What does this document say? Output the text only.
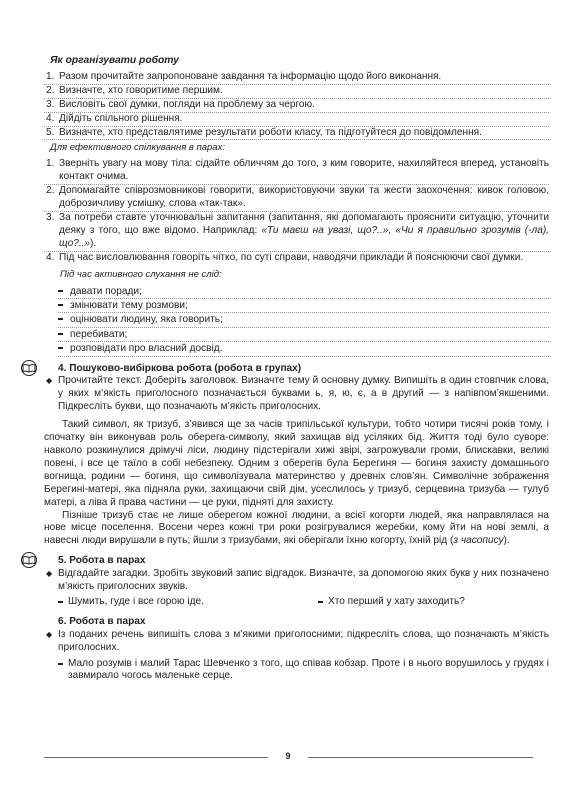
Як організувати роботу
1. Разом прочитайте запропоноване завдання та інформацію щодо його виконання.
2. Визначте, хто говоритиме першим.
3. Висловіть свої думки, погляди на проблему за чергою.
4. Дійдіть спільного рішення.
5. Визначте, хто представлятиме результати роботи класу, та підготуйтеся до повідомлення.
Для ефективного спілкування в парах:
1. Зверніть увагу на мову тіла: сідайте обличчям до того, з ким говорите, нахиляйтеся вперед, установіть контакт очима.
2. Допомагайте співрозмовникові говорити, використовуючи звуки та жести заохочення: кивок головою, доброзичливу усмішку, слова «так-так».
3. За потреби ставте уточнювальні запитання (запитання, які допомагають прояснити ситуацію, уточнити деяку з того, що вже відомо. Наприклад: «Ти маєш на увазі, що?..», «Чи я правильно зрозумів (-ла), що?..»).
4. Під час висловлювання говоріть чітко, по суті справи, наводячи приклади й пояснюючи свої думки.
Під час активного слухання не слід:
давати поради;
змінювати тему розмови;
оцінювати людину, яка говорить;
перебивати;
розповідати про власний досвід.
4. Пошуково-вибіркова робота (робота в групах)
◆ Прочитайте текст. Доберіть заголовок. Визначте тему й основну думку. Випишіть в один стовпчик слова, у яких м’якість приголосного позначається буквами ь, я, ю, є, а в другий — з напівпом’якшеними. Підкресліть букви, що позначають м’якість приголосних.
Такий символ, як тризуб, з’явився ще за часів трипільської культури, тобто чотири тисячі років тому, і спочатку він виконував роль оберега-символу, який захищав від усіляких бід. Життя тоді було суворе: навколо розкинулися дрімучі ліси, людину підстерігали хижі звірі, загрожували громи, блискавки, великі повені, і все це таїло в собі небезпеку. Одним з оберегів була Берегиня — богиня захисту домашнього вогнища, родини — богиня, що символізувала материнство у древніх слов’ян. Символічне зображення Берегині-матері, яка підняла руки, захищаючи свій дім, усеслилось у тризуб, серцевина тризуба — тулуб матері, а ліва й права частини — це руки, підняті для захисту.
Пізніше тризуб стає не лише оберегом кожної людини, а всієї когорти людей, яка направлялася на нове місце поселення. Восени через кожні три роки розігрувалися жеребки, кому йти на нові землі, а навесні люди вирушали в путь; йшли з тризубами, які оберігали їхню когорту, їхній рід (з часопису).
5. Робота в парах
◆ Відгадайте загадки. Зробіть звуковий запис відгадок. Визначте, за допомогою яких букв у них позначено м’якість приголосних звуків.
Шумить, гуде і все горою іде.	Хто перший у хату заходить?
6. Робота в парах
◆ Із поданих речень випишіть слова з м’якими приголосними; підкресліть слова, що позначають м’якість приголосних.
Мало розумів і малий Тарас Шевченко з того, що співав кобзар. Проте і в нього ворушилось у грудях і завмирало чогось маленьке серце.
9
